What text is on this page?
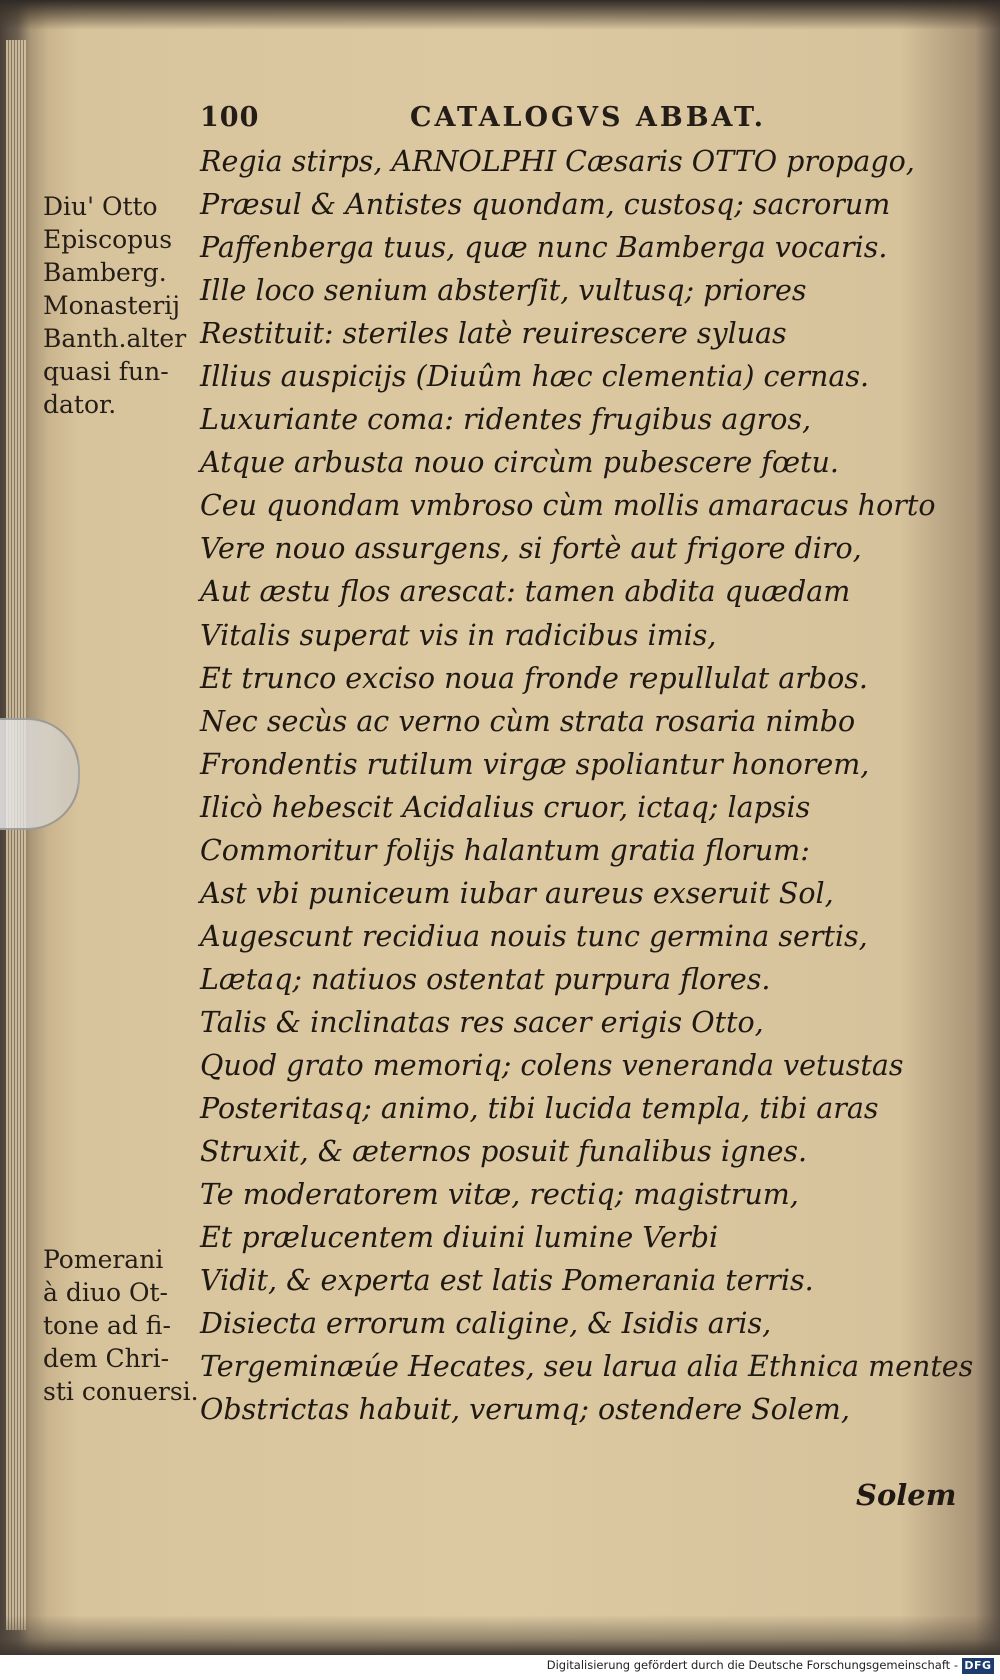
100	CATALOGVS ABBAT.
Diu' Otto
Episcopus
Bamberg.
Monasterij
Banth.alter
quasi fun-
dator.
Pomerani
à diuo Ot-
tone ad fi-
dem Chri-
sti conuersi.
Regia stirps, ARNOLPHI Cæsaris OTTO propago,
Præsul & Antistes quondam, custosq; sacrorum
Paffenberga tuus, quæ nunc Bamberga vocaris.
Ille loco senium absterſit, vultusq; priores
Restituit: steriles latè reuirescere syluas
Illius auspicijs (Diuûm hæc clementia) cernas.
Luxuriante coma: ridentes frugibus agros,
Atque arbusta nouo circùm pubescere fœtu.
Ceu quondam vmbroso cùm mollis amaracus horto
Vere nouo assurgens, si fortè aut frigore diro,
Aut æstu flos arescat: tamen abdita quædam
Vitalis superat vis in radicibus imis,
Et trunco exciso noua fronde repullulat arbos.
Nec secùs ac verno cùm strata rosaria nimbo
Frondentis rutilum virgæ spoliantur honorem,
Ilicò hebescit Acidalius cruor, ictaq; lapsis
Commoritur folijs halantum gratia florum:
Ast vbi puniceum iubar aureus exseruit Sol,
Augescunt recidiua nouis tunc germina sertis,
Lætaq; natiuos ostentat purpura flores.
Talis & inclinatas res sacer erigis Otto,
Quod grato memoriq; colens veneranda vetustas
Posteritasq; animo, tibi lucida templa, tibi aras
Struxit, & æternos posuit funalibus ignes.
Te moderatorem vitæ, rectiq; magistrum,
Et prælucentem diuini lumine Verbi
Vidit, & experta est latis Pomerania terris.
Disiecta errorum caligine, & Isidis aris,
Tergeminæúe Hecates, seu larua alia Ethnica mentes
Obstrictas habuit, verumq; ostendere Solem,
Solem
Digitalisierung gefördert durch die Deutsche Forschungsgemeinschaft - DFG
